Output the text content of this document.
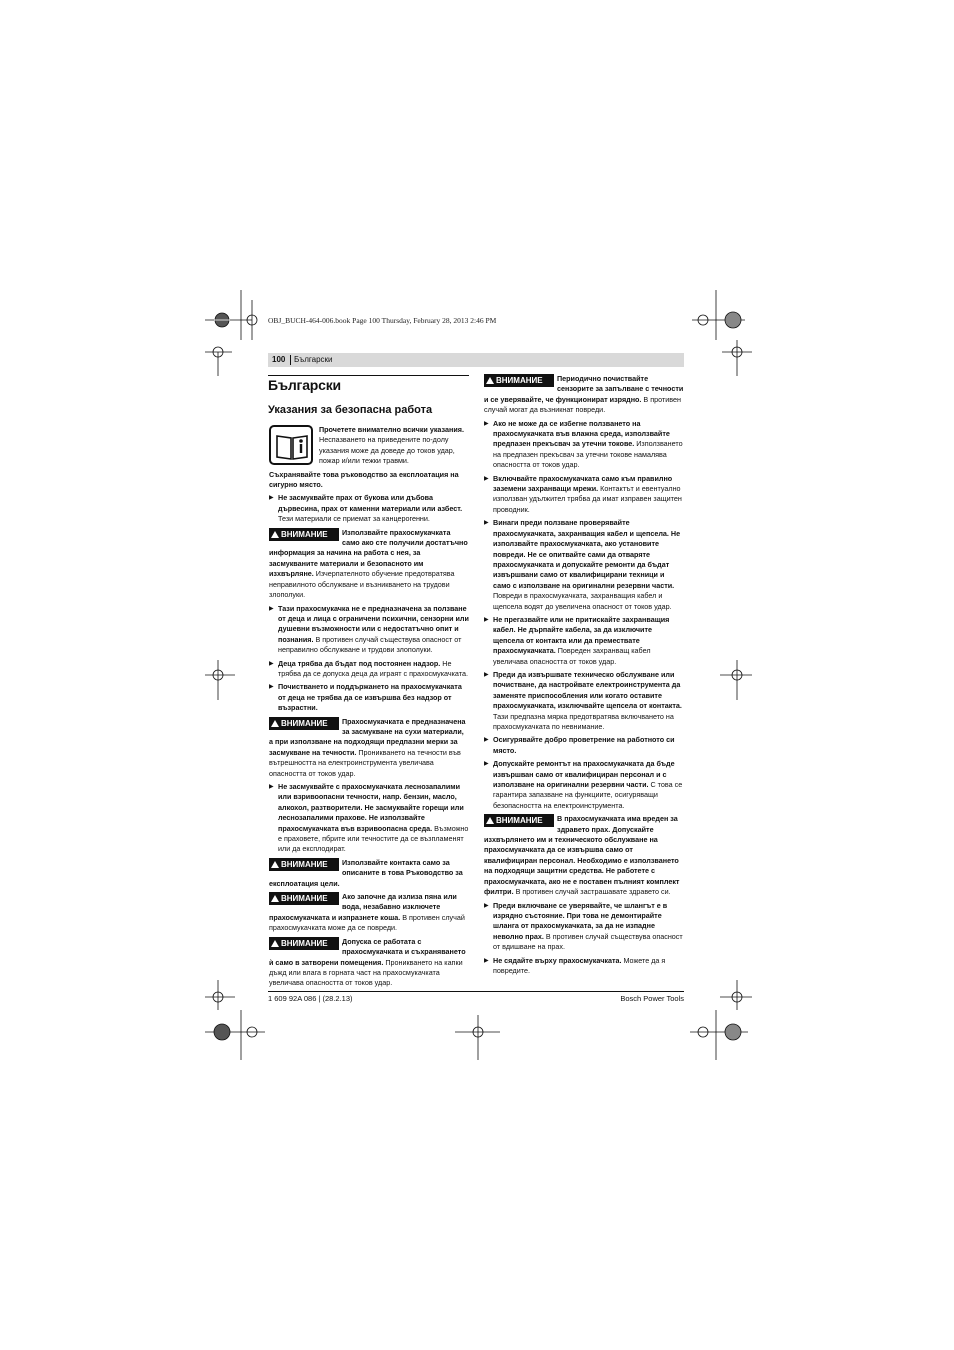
OBJ_BUCH-464-006.book Page 100 Thursday, February 28, 2013 2:46 PM
100 Български
Български
Указания за безопасна работа

Прочетете внимателно всички указания. Неспазването на приведените по-долу указания може да доведе до токов удар, пожар и/или тежки травми.

Съхранявайте това ръководство за експлоатация на сигурно място.

▶ Не засмуквайте прах от букова или дъбова дървесина, прах от каменни материали или азбест. Тези материали се приемат за канцерогенни.

ВНИМАНИЕ	Използвайте прахосмукачката само ако сте получили достатъчно информация за начина на работа с нея, за засмукваните материали и безопасното им изхвърляне. Изчерпателното обучение предотвратява неправилното обслужване и възникването на трудови злополуки.

▶ Тази прахосмукачка не е предназначена за ползване от деца и лица с ограничени психични, сензорни или душевни възможности или с недостатъчно опит и познания. В противен случай съществува опасност от неправилно обслужване и трудови злополуки.

▶ Деца трябва да бъдат под постоянен надзор. Не трябва да се допуска деца да играят с прахосмукачката.

▶ Почистването и поддържането на прахосмукачката от деца не трябва да се извършва без надзор от възрастни.

ВНИМАНИЕ	Прахосмукачката е предназначена за засмукване на сухи материали, а при използване на подходящи предпазни мерки за засмукване на течности. Проникването на течности във вътрешността на електроинструмента увеличава опасността от токов удар.

▶ Не засмуквайте с прахосмукачката леснозапалими или взривоопасни течности, напр. бензин, масло, алкохол, разтворители. Не засмуквайте горещи или леснозапалими прахове. Не използвайте прахосмукачката във взривоопасна среда. Възможно е праховете, пбрите или течностите да се възпламенят или да експлодират.

ВНИМАНИЕ	Използвайте контакта само за описаните в това Ръководство за експлоатация цели.

ВНИМАНИЕ	Ако започне да излиза пяна или вода, незабавно изключете прахосмукачката и изпразнете коша. В противен случай прахосмукачката може да се повреди.

ВНИМАНИЕ	Допуска се работата с прахосмукачката и съхраняването ѝ само в затворени помещения. Проникването на капки дъжд или влага в горната част на прахосмукачката увеличава опасността от токов удар.

ВНИМАНИЕ	Периодично почиствайте сензорите за запълване с течности и се уверявайте, че функционират изрядно. В противен случай могат да възникнат повреди.

▶ Ако не може да се избегне ползването на прахосмукачката във влажна среда, използвайте предпазен прекъсвач за утечни токове. Използването на предпазен прекъсвач за утечни токове намалява опасността от токов удар.

▶ Включвайте прахосмукачката само към правилно заземени захранващи мрежи. Контактът и евентуално използван удължител трябва да имат изправен защитен проводник.

▶ Винаги преди ползване проверявайте прахосмукачката, захранващия кабел и щепсела. Не използвайте прахосмукачката, ако установите повреди. Не се опитвайте сами да отваряте прахосмукачката и допускайте ремонти да бъдат извършвани само от квалифицирани техници и само с използване на оригинални резервни части. Повреди в прахосмукачката, захранващия кабел и щепсела водят до увеличена опасност от токов удар.

▶ Не прегазвайте или не притискайте захранващия кабел. Не дърпайте кабела, за да изключите щепсела от контакта или да премествате прахосмукачката. Повреден захранващ кабел увеличава опасността от токов удар.

▶ Преди да извършвате техническо обслужване или почистване, да настройвате електроинструмента да заменяте приспособления или когато оставите прахосмукачката, изключвайте щепсела от контакта. Тази предпазна мярка предотвратява включването на прахосмукачката по невнимание.

▶ Осигурявайте добро проветрение на работното си място.

▶ Допускайте ремонтът на прахосмукачката да бъде извършван само от квалифициран персонал и с използване на оригинални резервни части. С това се гарантира запазване на функциите, осигуряващи безопасността на електроинструмента.

ВНИМАНИЕ	В прахосмукачката има вреден за здравето прах. Допускайте изхвърлянето им и техническото обслужване на прахосмукачката да се извършва само от квалифициран персонал. Необходимо е използването на подходящи защитни средства. Не работете с прахосмукачката, ако не е поставен пълният комплект филтри. В противен случай застрашавате здравето си.

▶ Преди включване се уверявайте, че шлангът е в изрядно състояние. При това не демонтирайте шланга от прахосмукачката, за да не изпадне неволно прах. В противен случай съществува опасност от вдишване на прах.

▶ Не сядайте върху прахосмукачката. Можете да я повредите.

1 609 92A 086 | (28.2.13)	Bosch Power Tools
